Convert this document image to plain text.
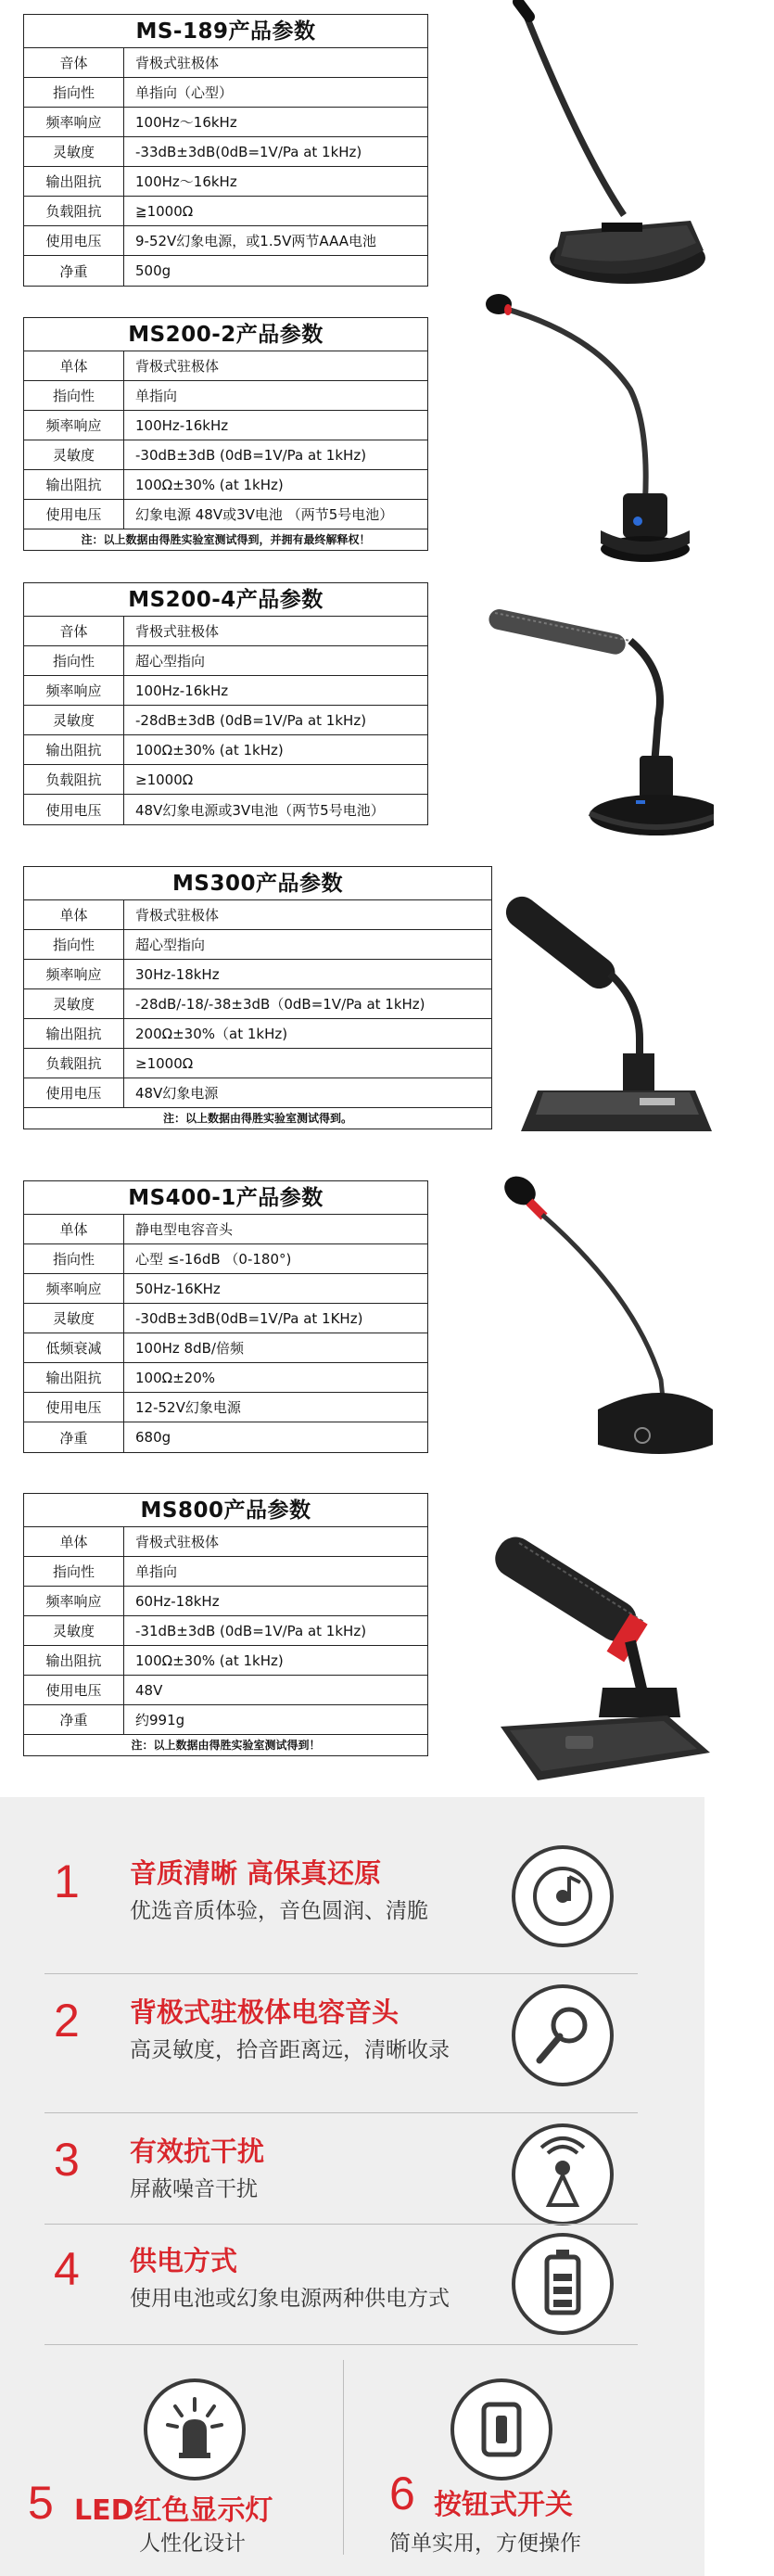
MS-189产品参数
音体	背极式驻极体
指向性	单指向（心型）
频率响应	100Hz～16kHz
灵敏度	-33dB±3dB(0dB=1V/Pa at 1kHz)
输出阻抗	100Hz～16kHz
负载阻抗	≧1000Ω
使用电压	9-52V幻象电源，或1.5V两节AAA电池
净重	500g
MS200-2产品参数
单体	背极式驻极体
指向性	单指向
频率响应	100Hz-16kHz
灵敏度	-30dB±3dB (0dB=1V/Pa at 1kHz)
输出阻抗	100Ω±30% (at 1kHz)
使用电压	幻象电源 48V或3V电池 （两节5号电池）
注：以上数据由得胜实验室测试得到，并拥有最终解释权！
MS200-4产品参数
音体	背极式驻极体
指向性	超心型指向
频率响应	100Hz-16kHz
灵敏度	-28dB±3dB (0dB=1V/Pa at 1kHz)
输出阻抗	100Ω±30% (at 1kHz)
负载阻抗	≥1000Ω
使用电压	48V幻象电源或3V电池（两节5号电池）
MS300产品参数
单体	背极式驻极体
指向性	超心型指向
频率响应	30Hz-18kHz
灵敏度	-28dB/-18/-38±3dB（0dB=1V/Pa at 1kHz)
输出阻抗	200Ω±30%（at 1kHz)
负载阻抗	≥1000Ω
使用电压	48V幻象电源
注：以上数据由得胜实验室测试得到。
MS400-1产品参数
单体	静电型电容音头
指向性	心型 ≤-16dB （0-180°)
频率响应	50Hz-16KHz
灵敏度	-30dB±3dB(0dB=1V/Pa at 1KHz)
低频衰减	100Hz 8dB/倍频
输出阻抗	100Ω±20%
使用电压	12-52V幻象电源
净重	680g
MS800产品参数
单体	背极式驻极体
指向性	单指向
频率响应	60Hz-18kHz
灵敏度	-31dB±3dB (0dB=1V/Pa at 1kHz)
输出阻抗	100Ω±30% (at 1kHz)
使用电压	48V
净重	约991g
注：以上数据由得胜实验室测试得到！
1 音质清晰 高保真还原
优选音质体验，音色圆润、清脆
2 背极式驻极体电容音头
高灵敏度，拾音距离远，清晰收录
3 有效抗干扰
屏蔽噪音干扰
4 供电方式
使用电池或幻象电源两种供电方式
5 LED红色显示灯
人性化设计
6 按钮式开关
简单实用，方便操作
